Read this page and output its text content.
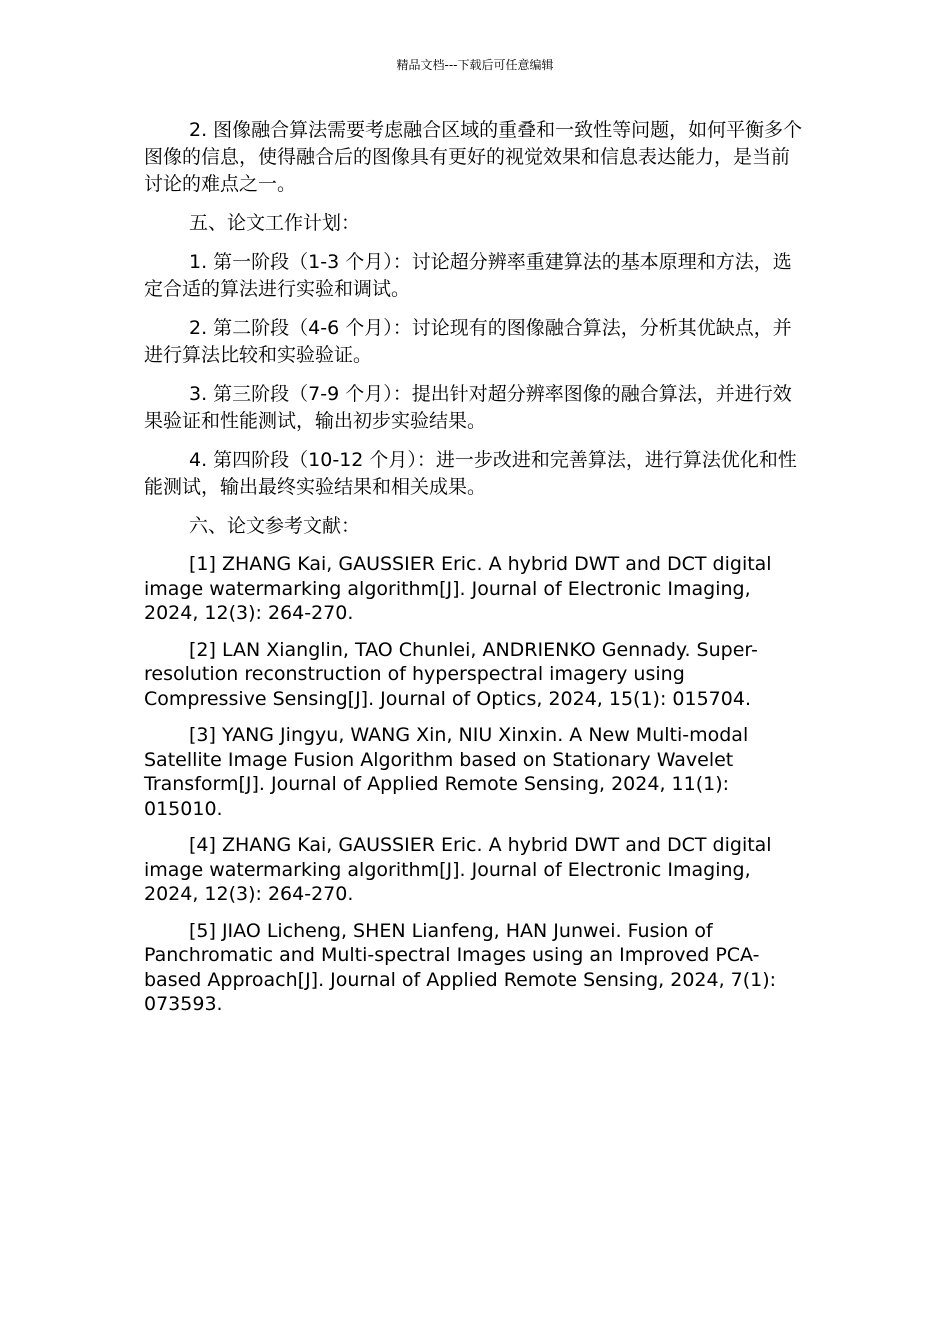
精品文档---下载后可任意编辑

2. 图像融合算法需要考虑融合区域的重叠和一致性等问题，如何平衡多个图像的信息，使得融合后的图像具有更好的视觉效果和信息表达能力，是当前讨论的难点之一。

五、论文工作计划：

1. 第一阶段（1-3 个月）：讨论超分辨率重建算法的基本原理和方法，选定合适的算法进行实验和调试。

2. 第二阶段（4-6 个月）：讨论现有的图像融合算法，分析其优缺点，并进行算法比较和实验验证。

3. 第三阶段（7-9 个月）：提出针对超分辨率图像的融合算法，并进行效果验证和性能测试，输出初步实验结果。

4. 第四阶段（10-12 个月）：进一步改进和完善算法，进行算法优化和性能测试，输出最终实验结果和相关成果。

六、论文参考文献：

[1] ZHANG Kai, GAUSSIER Eric. A hybrid DWT and DCT digital image watermarking algorithm[J]. Journal of Electronic Imaging, 2024, 12(3): 264-270.

[2] LAN Xianglin, TAO Chunlei, ANDRIENKO Gennady. Super-resolution reconstruction of hyperspectral imagery using Compressive Sensing[J]. Journal of Optics, 2024, 15(1): 015704.

[3] YANG Jingyu, WANG Xin, NIU Xinxin. A New Multi-modal Satellite Image Fusion Algorithm based on Stationary Wavelet Transform[J]. Journal of Applied Remote Sensing, 2024, 11(1): 015010.

[4] ZHANG Kai, GAUSSIER Eric. A hybrid DWT and DCT digital image watermarking algorithm[J]. Journal of Electronic Imaging, 2024, 12(3): 264-270.

[5] JIAO Licheng, SHEN Lianfeng, HAN Junwei. Fusion of Panchromatic and Multi-spectral Images using an Improved PCA-based Approach[J]. Journal of Applied Remote Sensing, 2024, 7(1): 073593.
